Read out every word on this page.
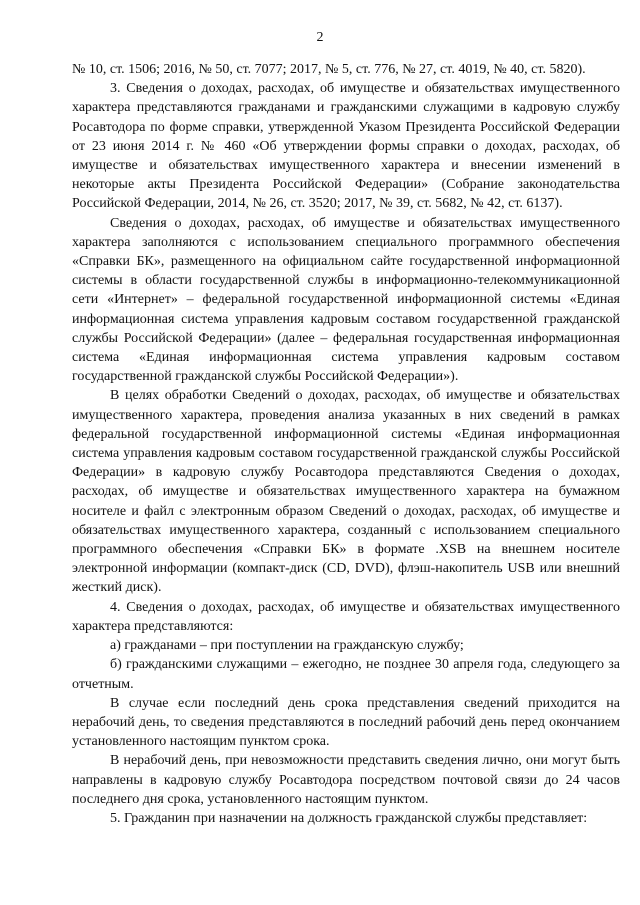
2

№ 10, ст. 1506; 2016, № 50, ст. 7077; 2017, № 5, ст. 776, № 27, ст. 4019, № 40, ст. 5820).

3. Сведения о доходах, расходах, об имуществе и обязательствах имущественного характера представляются гражданами и гражданскими служащими в кадровую службу Росавтодора по форме справки, утвержденной Указом Президента Российской Федерации от 23 июня 2014 г. № 460 «Об утверждении формы справки о доходах, расходах, об имуществе и обязательствах имущественного характера и внесении изменений в некоторые акты Президента Российской Федерации» (Собрание законодательства Российской Федерации, 2014, № 26, ст. 3520; 2017, № 39, ст. 5682, № 42, ст. 6137).

Сведения о доходах, расходах, об имуществе и обязательствах имущественного характера заполняются с использованием специального программного обеспечения «Справки БК», размещенного на официальном сайте государственной информационной системы в области государственной службы в информационно-телекоммуникационной сети «Интернет» – федеральной государственной информационной системы «Единая информационная система управления кадровым составом государственной гражданской службы Российской Федерации» (далее – федеральная государственная информационная система «Единая информационная система управления кадровым составом государственной гражданской службы Российской Федерации»).

В целях обработки Сведений о доходах, расходах, об имуществе и обязательствах имущественного характера, проведения анализа указанных в них сведений в рамках федеральной государственной информационной системы «Единая информационная система управления кадровым составом государственной гражданской службы Российской Федерации» в кадровую службу Росавтодора представляются Сведения о доходах, расходах, об имуществе и обязательствах имущественного характера на бумажном носителе и файл с электронным образом Сведений о доходах, расходах, об имуществе и обязательствах имущественного характера, созданный с использованием специального программного обеспечения «Справки БК» в формате .XSB на внешнем носителе электронной информации (компакт-диск (CD, DVD), флэш-накопитель USB или внешний жесткий диск).

4. Сведения о доходах, расходах, об имуществе и обязательствах имущественного характера представляются:

а) гражданами – при поступлении на гражданскую службу;

б) гражданскими служащими – ежегодно, не позднее 30 апреля года, следующего за отчетным.

В случае если последний день срока представления сведений приходится на нерабочий день, то сведения представляются в последний рабочий день перед окончанием установленного настоящим пунктом срока.

В нерабочий день, при невозможности представить сведения лично, они могут быть направлены в кадровую службу Росавтодора посредством почтовой связи до 24 часов последнего дня срока, установленного настоящим пунктом.

5. Гражданин при назначении на должность гражданской службы представляет:
